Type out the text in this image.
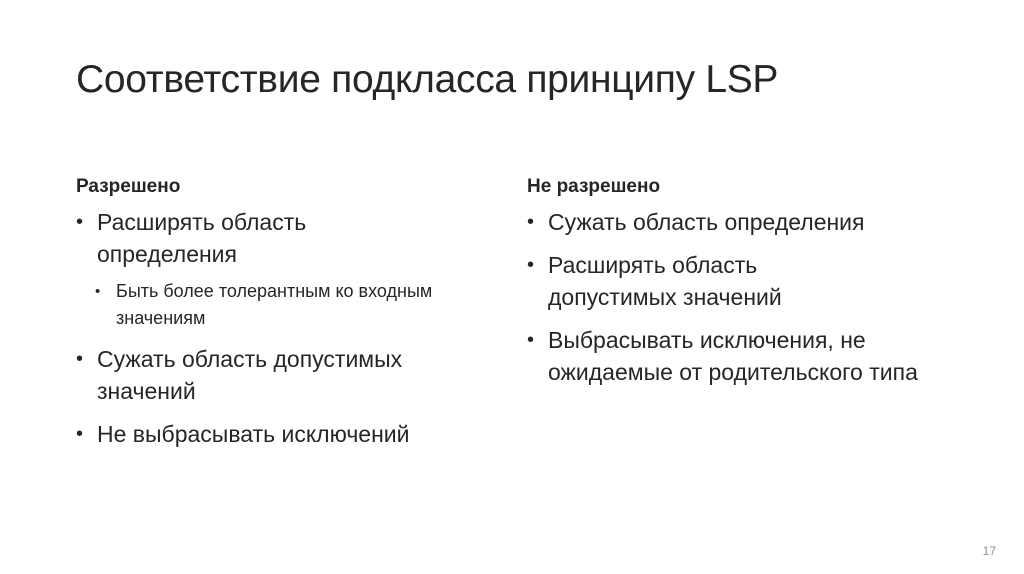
Соответствие подкласса принципу LSP
Разрешено
• Расширять область определения
• Быть более толерантным ко входным значениям
• Сужать область допустимых значений
• Не выбрасывать исключений
Не разрешено
• Сужать область определения
• Расширять область допустимых значений
• Выбрасывать исключения, не ожидаемые от родительского типа
17
